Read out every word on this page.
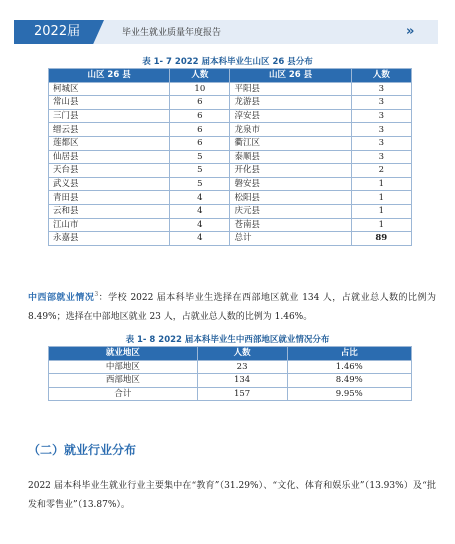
2022届	毕业生就业质量年度报告	»
表 1- 7 2022 届本科毕业生山区 26 县分布
山区 26 县	人数	山区 26 县	人数
柯城区	10	平阳县	3
常山县	6	龙游县	3
三门县	6	淳安县	3
缙云县	6	龙泉市	3
莲都区	6	衢江区	3
仙居县	5	泰顺县	3
天台县	5	开化县	2
武义县	5	磐安县	1
青田县	4	松阳县	1
云和县	4	庆元县	1
江山市	4	苍南县	1
永嘉县	4	总计	89
中西部就业情况$^3$：学校 2022 届本科毕业生选择在西部地区就业 134 人，占就业总人数的比例为 8.49%；选择在中部地区就业 23 人，占就业总人数的比例为 1.46%。
表 1- 8 2022 届本科毕业生中西部地区就业情况分布
就业地区	人数	占比
中部地区	23	1.46%
西部地区	134	8.49%
合计	157	9.95%
（二）就业行业分布
2022 届本科毕业生就业行业主要集中在“教育”（31.29%）、“文化、体育和娱乐业”（13.93%）及“批发和零售业”（13.87%）。
